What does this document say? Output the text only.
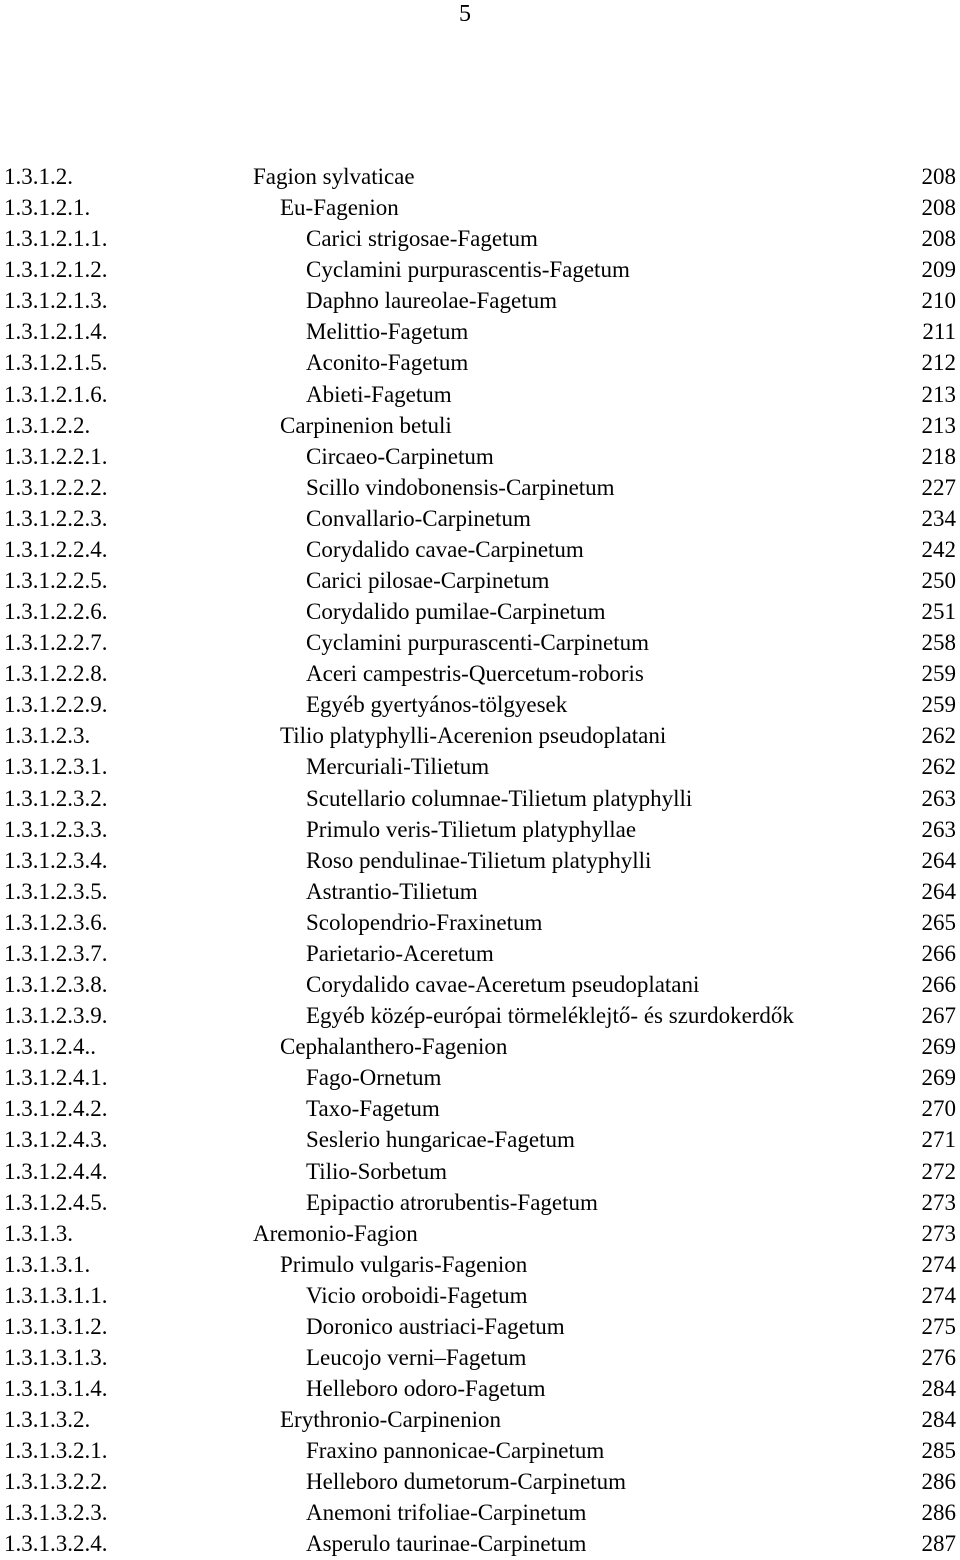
5
1.3.1.2.	Fagion sylvaticae	208
1.3.1.2.1.	Eu-Fagenion	208
1.3.1.2.1.1.	Carici strigosae-Fagetum	208
1.3.1.2.1.2.	Cyclamini purpurascentis-Fagetum	209
1.3.1.2.1.3.	Daphno laureolae-Fagetum	210
1.3.1.2.1.4.	Melittio-Fagetum	211
1.3.1.2.1.5.	Aconito-Fagetum	212
1.3.1.2.1.6.	Abieti-Fagetum	213
1.3.1.2.2.	Carpinenion betuli	213
1.3.1.2.2.1.	Circaeo-Carpinetum	218
1.3.1.2.2.2.	Scillo vindobonensis-Carpinetum	227
1.3.1.2.2.3.	Convallario-Carpinetum	234
1.3.1.2.2.4.	Corydalido cavae-Carpinetum	242
1.3.1.2.2.5.	Carici pilosae-Carpinetum	250
1.3.1.2.2.6.	Corydalido pumilae-Carpinetum	251
1.3.1.2.2.7.	Cyclamini purpurascenti-Carpinetum	258
1.3.1.2.2.8.	Aceri campestris-Quercetum-roboris	259
1.3.1.2.2.9.	Egyéb gyertyános-tölgyesek	259
1.3.1.2.3.	Tilio platyphylli-Acerenion pseudoplatani	262
1.3.1.2.3.1.	Mercuriali-Tilietum	262
1.3.1.2.3.2.	Scutellario columnae-Tilietum platyphylli	263
1.3.1.2.3.3.	Primulo veris-Tilietum platyphyllae	263
1.3.1.2.3.4.	Roso pendulinae-Tilietum platyphylli	264
1.3.1.2.3.5.	Astrantio-Tilietum	264
1.3.1.2.3.6.	Scolopendrio-Fraxinetum	265
1.3.1.2.3.7.	Parietario-Aceretum	266
1.3.1.2.3.8.	Corydalido cavae-Aceretum pseudoplatani	266
1.3.1.2.3.9.	Egyéb közép-európai törmeléklejtő- és szurdokerdők	267
1.3.1.2.4..	Cephalanthero-Fagenion	269
1.3.1.2.4.1.	Fago-Ornetum	269
1.3.1.2.4.2.	Taxo-Fagetum	270
1.3.1.2.4.3.	Seslerio hungaricae-Fagetum	271
1.3.1.2.4.4.	Tilio-Sorbetum	272
1.3.1.2.4.5.	Epipactio atrorubentis-Fagetum	273
1.3.1.3.	Aremonio-Fagion	273
1.3.1.3.1.	Primulo vulgaris-Fagenion	274
1.3.1.3.1.1.	Vicio oroboidi-Fagetum	274
1.3.1.3.1.2.	Doronico austriaci-Fagetum	275
1.3.1.3.1.3.	Leucojo verni–Fagetum	276
1.3.1.3.1.4.	Helleboro odoro-Fagetum	284
1.3.1.3.2.	Erythronio-Carpinenion	284
1.3.1.3.2.1.	Fraxino pannonicae-Carpinetum	285
1.3.1.3.2.2.	Helleboro dumetorum-Carpinetum	286
1.3.1.3.2.3.	Anemoni trifoliae-Carpinetum	286
1.3.1.3.2.4.	Asperulo taurinae-Carpinetum	287
